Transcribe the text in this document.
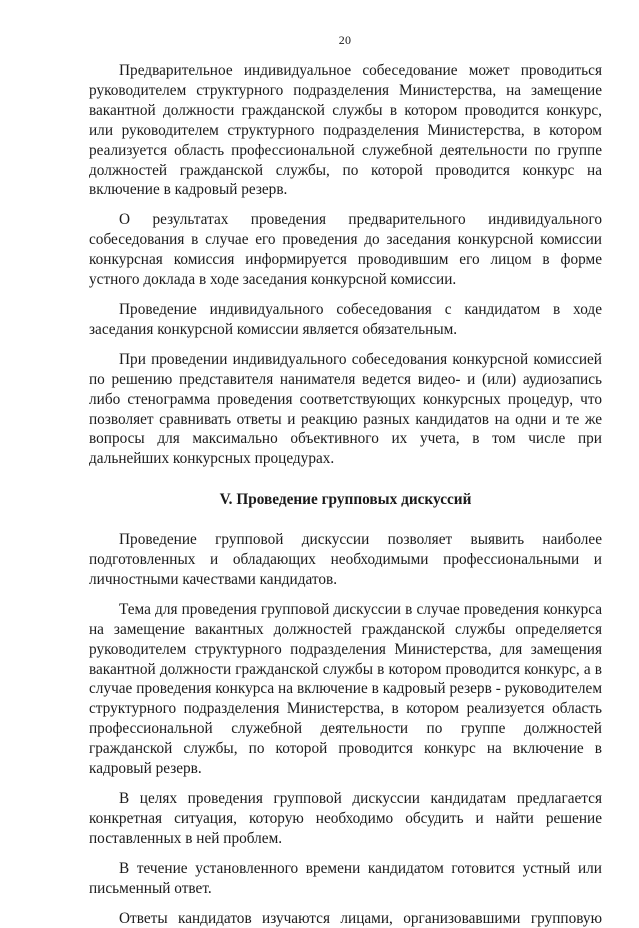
20

Предварительное индивидуальное собеседование может проводиться руководителем структурного подразделения Министерства, на замещение вакантной должности гражданской службы в котором проводится конкурс, или руководителем структурного подразделения Министерства, в котором реализуется область профессиональной служебной деятельности по группе должностей гражданской службы, по которой проводится конкурс на включение в кадровый резерв.

О результатах проведения предварительного индивидуального собеседования в случае его проведения до заседания конкурсной комиссии конкурсная комиссия информируется проводившим его лицом в форме устного доклада в ходе заседания конкурсной комиссии.

Проведение индивидуального собеседования с кандидатом в ходе заседания конкурсной комиссии является обязательным.

При проведении индивидуального собеседования конкурсной комиссией по решению представителя нанимателя ведется видео- и (или) аудиозапись либо стенограмма проведения соответствующих конкурсных процедур, что позволяет сравнивать ответы и реакцию разных кандидатов на одни и те же вопросы для максимально объективного их учета, в том числе при дальнейших конкурсных процедурах.

V. Проведение групповых дискуссий

Проведение групповой дискуссии позволяет выявить наиболее подготовленных и обладающих необходимыми профессиональными и личностными качествами кандидатов.

Тема для проведения групповой дискуссии в случае проведения конкурса на замещение вакантных должностей гражданской службы определяется руководителем структурного подразделения Министерства, для замещения вакантной должности гражданской службы в котором проводится конкурс, а в случае проведения конкурса на включение в кадровый резерв - руководителем структурного подразделения Министерства, в котором реализуется область профессиональной служебной деятельности по группе должностей гражданской службы, по которой проводится конкурс на включение в кадровый резерв.

В целях проведения групповой дискуссии кандидатам предлагается конкретная ситуация, которую необходимо обсудить и найти решение поставленных в ней проблем.

В течение установленного времени кандидатом готовится устный или письменный ответ.

Ответы кандидатов изучаются лицами, организовавшими групповую
